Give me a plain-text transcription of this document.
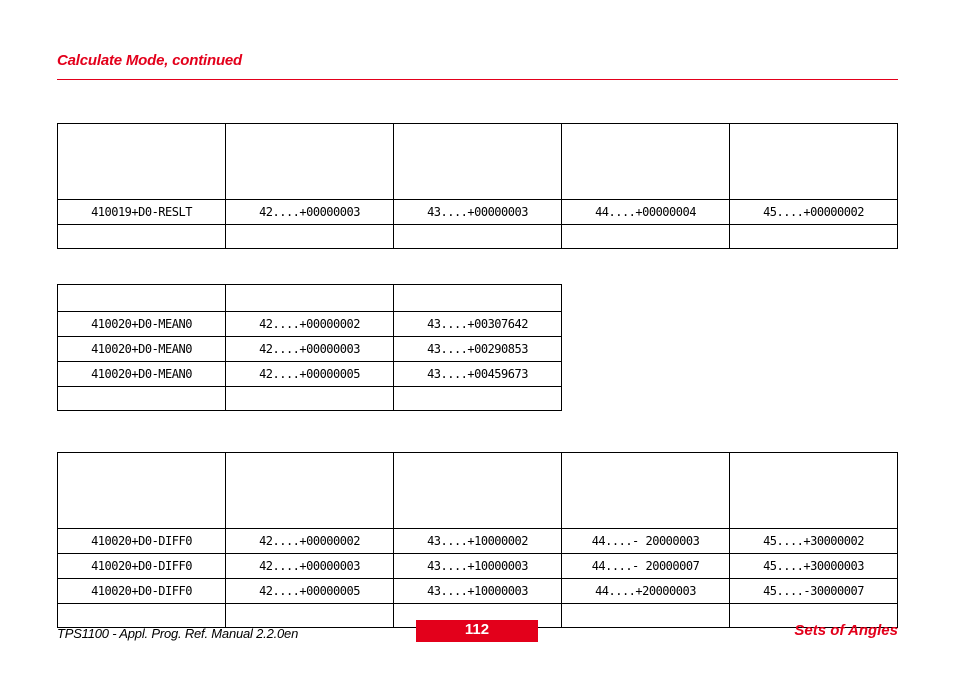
Calculate Mode, continued

410019+D0-RESLT	42....+00000003	43....+00000003	44....+00000004	45....+00000002

410020+D0-MEAN0	42....+00000002	43....+00307642
410020+D0-MEAN0	42....+00000003	43....+00290853
410020+D0-MEAN0	42....+00000005	43....+00459673

410020+D0-DIFF0	42....+00000002	43....+10000002	44....- 20000003	45....+30000002
410020+D0-DIFF0	42....+00000003	43....+10000003	44....- 20000007	45....+30000003
410020+D0-DIFF0	42....+00000005	43....+10000003	44....+20000003	45....-30000007

TPS1100 - Appl. Prog. Ref. Manual 2.2.0en	112	Sets of Angles
